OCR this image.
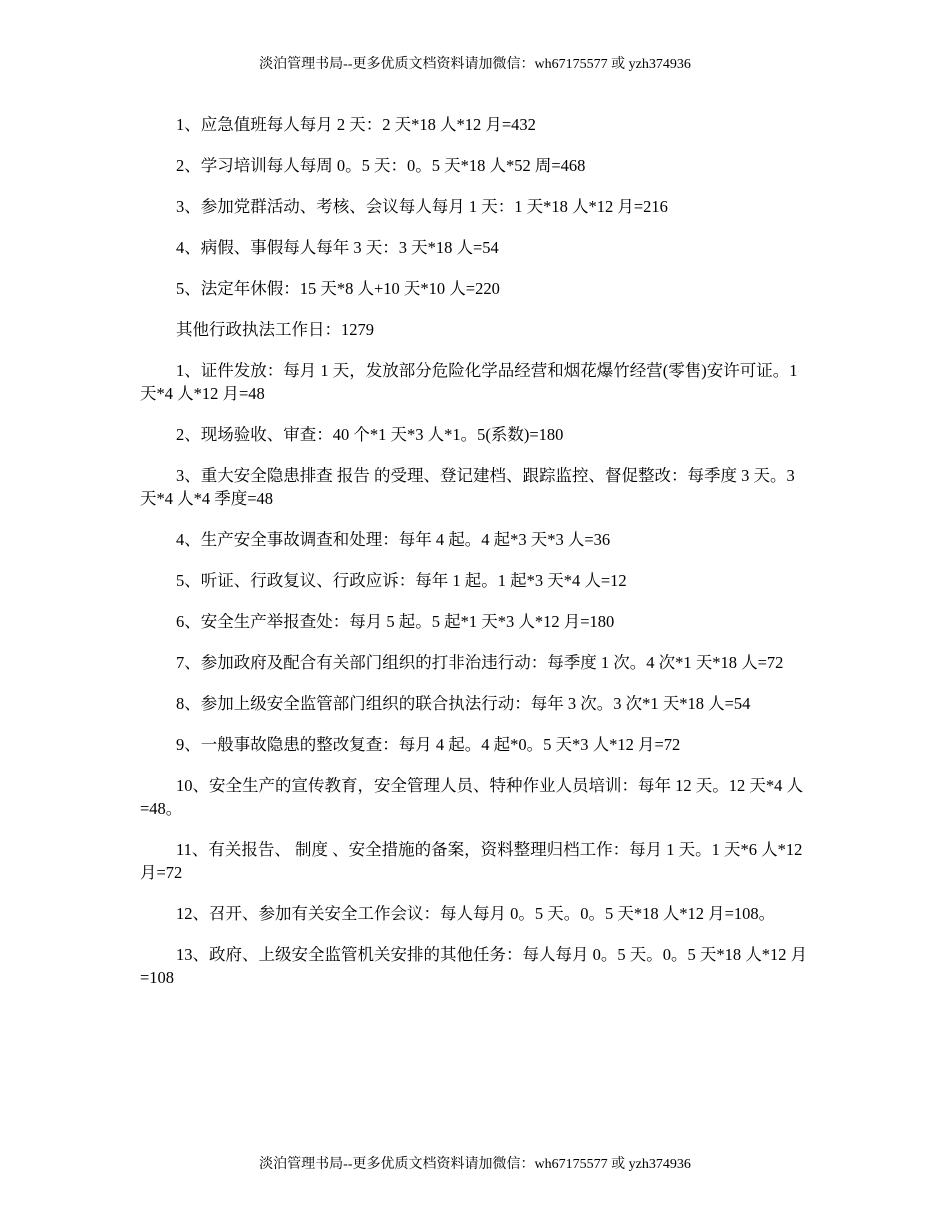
淡泊管理书局--更多优质文档资料请加微信：wh67175577 或 yzh374936

1、应急值班每人每月 2 天：2 天*18 人*12 月=432

2、学习培训每人每周 0。5 天：0。5 天*18 人*52 周=468

3、参加党群活动、考核、会议每人每月 1 天：1 天*18 人*12 月=216

4、病假、事假每人每年 3 天：3 天*18 人=54

5、法定年休假：15 天*8 人+10 天*10 人=220

其他行政执法工作日：1279

1、证件发放：每月 1 天，发放部分危险化学品经营和烟花爆竹经营(零售)安许可证。1 天*4 人*12 月=48

2、现场验收、审查：40 个*1 天*3 人*1。5(系数)=180

3、重大安全隐患排查 报告 的受理、登记建档、跟踪监控、督促整改：每季度 3 天。3 天*4 人*4 季度=48

4、生产安全事故调查和处理：每年 4 起。4 起*3 天*3 人=36

5、听证、行政复议、行政应诉：每年 1 起。1 起*3 天*4 人=12

6、安全生产举报查处：每月 5 起。5 起*1 天*3 人*12 月=180

7、参加政府及配合有关部门组织的打非治违行动：每季度 1 次。4 次*1 天*18 人=72

8、参加上级安全监管部门组织的联合执法行动：每年 3 次。3 次*1 天*18 人=54

9、一般事故隐患的整改复查：每月 4 起。4 起*0。5 天*3 人*12 月=72

10、安全生产的宣传教育，安全管理人员、特种作业人员培训：每年 12 天。12 天*4 人=48。

11、有关报告、 制度 、安全措施的备案，资料整理归档工作：每月 1 天。1 天*6 人*12 月=72

12、召开、参加有关安全工作会议：每人每月 0。5 天。0。5 天*18 人*12 月=108。

13、政府、上级安全监管机关安排的其他任务：每人每月 0。5 天。0。5 天*18 人*12 月=108

淡泊管理书局--更多优质文档资料请加微信：wh67175577 或 yzh374936
